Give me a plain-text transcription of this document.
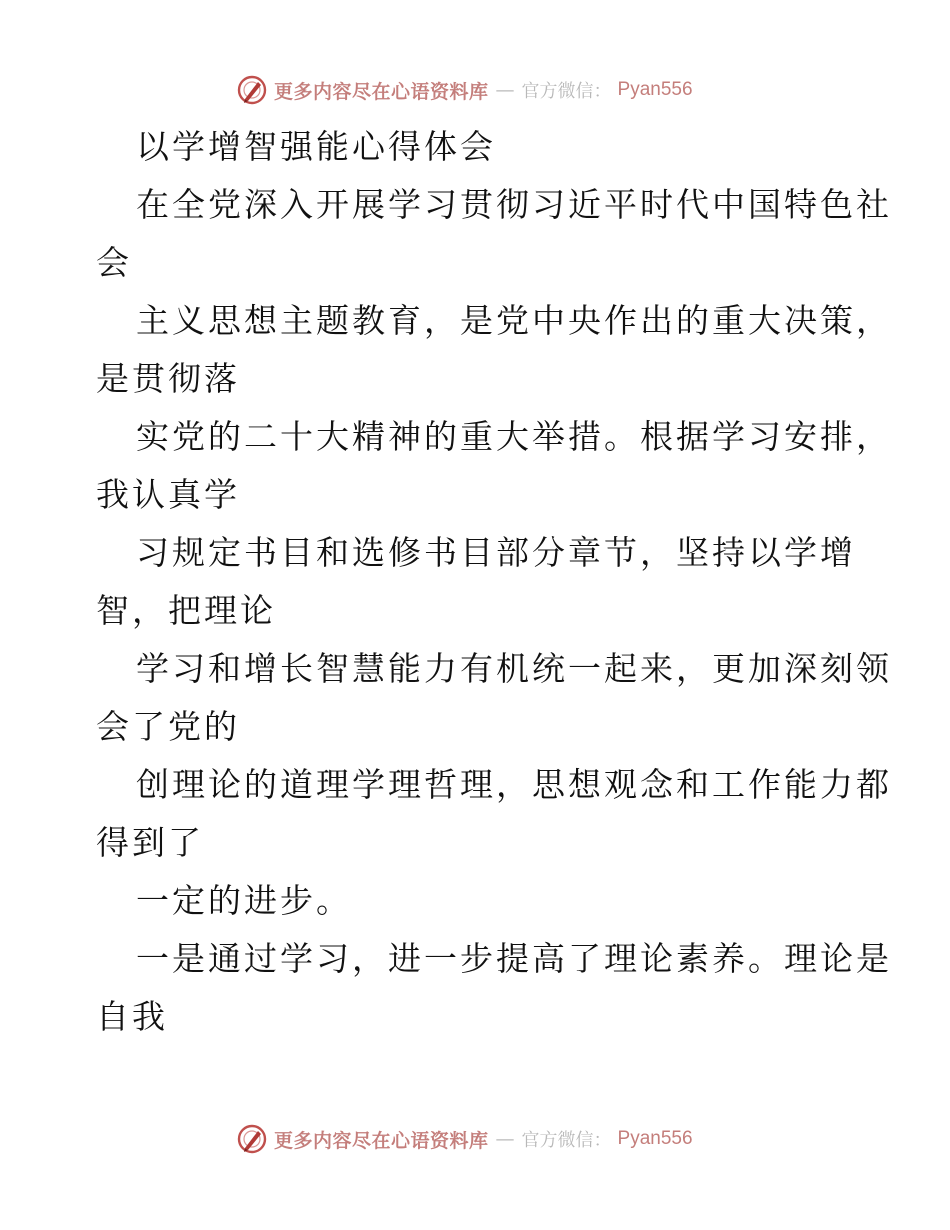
更多内容尽在心语资料库 — 官方微信： Pyan556
以学增智强能心得体会
在全党深入开展学习贯彻习近平时代中国特色社
会
主义思想主题教育，是党中央作出的重大决策，
是贯彻落
实党的二十大精神的重大举措。根据学习安排，
我认真学
习规定书目和选修书目部分章节，坚持以学增
智，把理论
学习和增长智慧能力有机统一起来，更加深刻领
会了党的
创理论的道理学理哲理，思想观念和工作能力都
得到了
一定的进步。
一是通过学习，进一步提高了理论素养。理论是
自我
更多内容尽在心语资料库 — 官方微信： Pyan556
